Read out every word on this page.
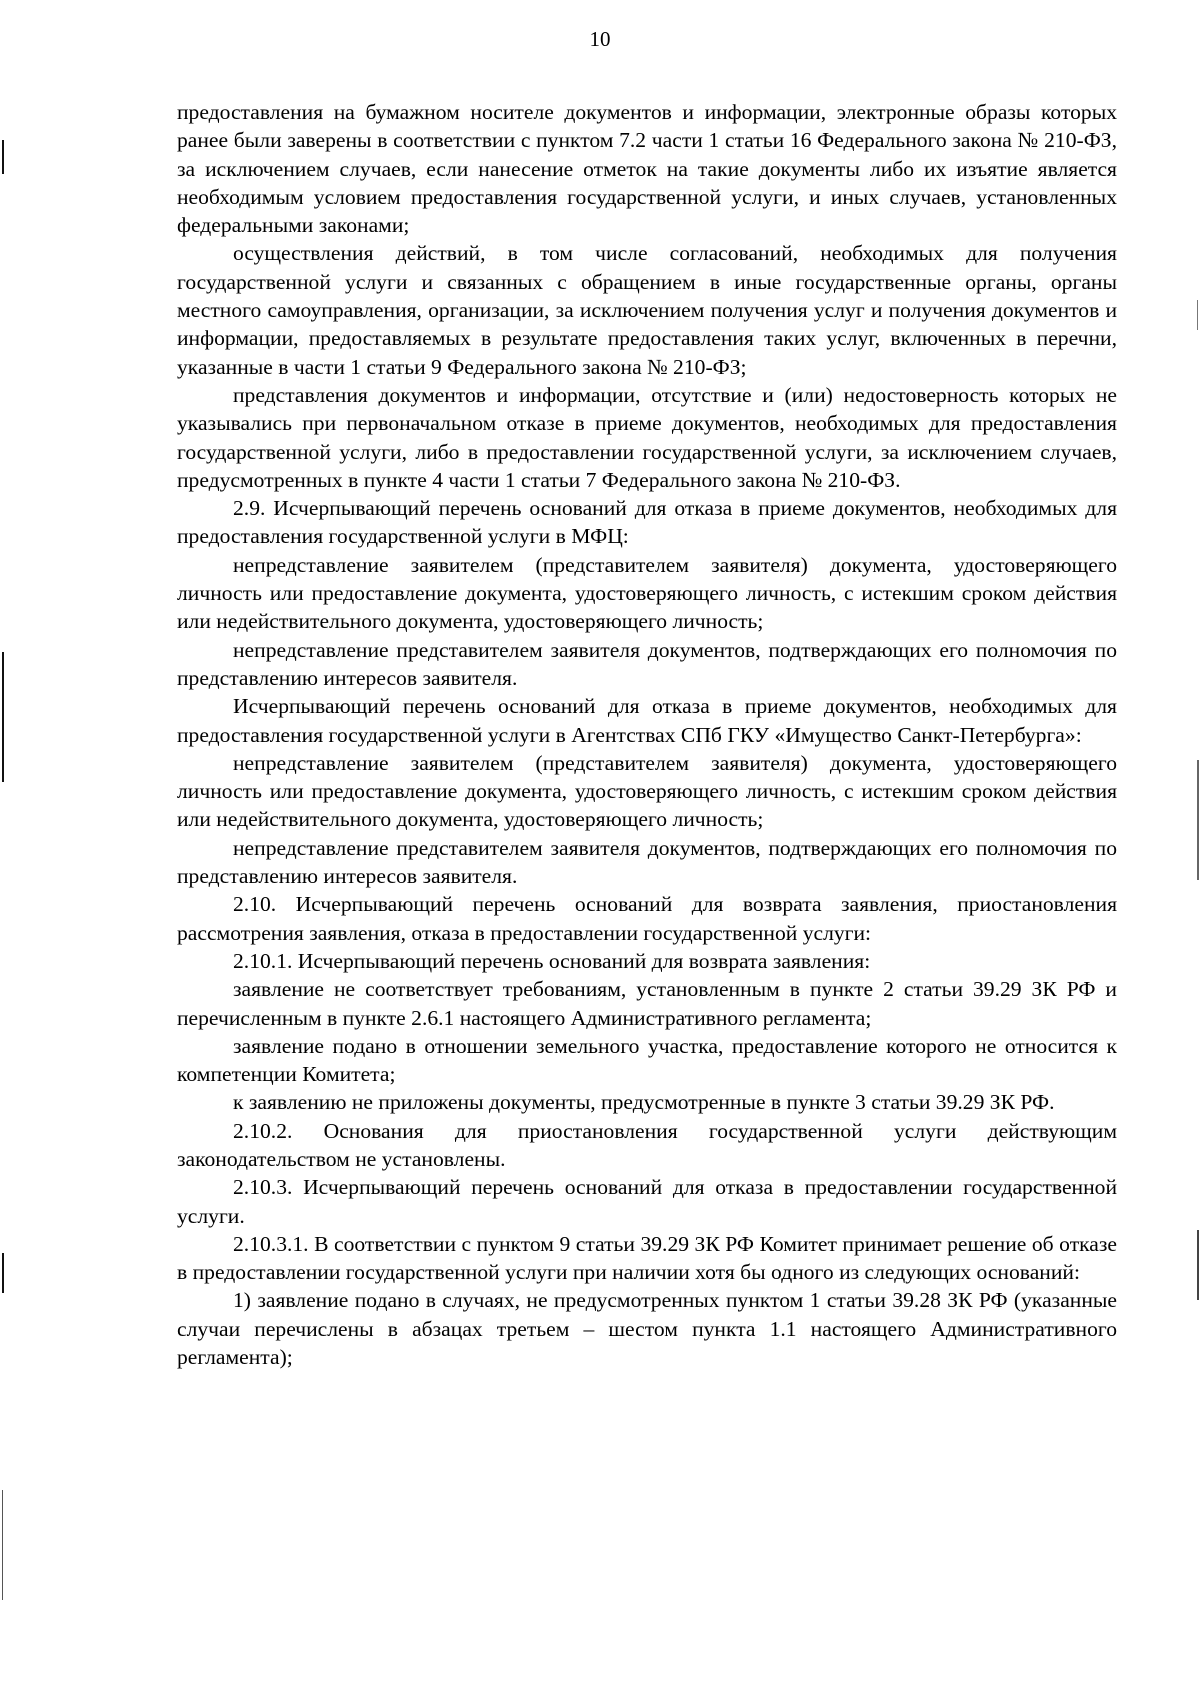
10

предоставления на бумажном носителе документов и информации, электронные образы которых ранее были заверены в соответствии с пунктом 7.2 части 1 статьи 16 Федерального закона № 210-ФЗ, за исключением случаев, если нанесение отметок на такие документы либо их изъятие является необходимым условием предоставления государственной услуги, и иных случаев, установленных федеральными законами;

осуществления действий, в том числе согласований, необходимых для получения государственной услуги и связанных с обращением в иные государственные органы, органы местного самоуправления, организации, за исключением получения услуг и получения документов и информации, предоставляемых в результате предоставления таких услуг, включенных в перечни, указанные в части 1 статьи 9 Федерального закона № 210-ФЗ;

представления документов и информации, отсутствие и (или) недостоверность которых не указывались при первоначальном отказе в приеме документов, необходимых для предоставления государственной услуги, либо в предоставлении государственной услуги, за исключением случаев, предусмотренных в пункте 4 части 1 статьи 7 Федерального закона № 210-ФЗ.

2.9. Исчерпывающий перечень оснований для отказа в приеме документов, необходимых для предоставления государственной услуги в МФЦ:

непредставление заявителем (представителем заявителя) документа, удостоверяющего личность или предоставление документа, удостоверяющего личность, с истекшим сроком действия или недействительного документа, удостоверяющего личность;

непредставление представителем заявителя документов, подтверждающих его полномочия по представлению интересов заявителя.

Исчерпывающий перечень оснований для отказа в приеме документов, необходимых для предоставления государственной услуги в Агентствах СПб ГКУ «Имущество Санкт-Петербурга»:

непредставление заявителем (представителем заявителя) документа, удостоверяющего личность или предоставление документа, удостоверяющего личность, с истекшим сроком действия или недействительного документа, удостоверяющего личность;

непредставление представителем заявителя документов, подтверждающих его полномочия по представлению интересов заявителя.

2.10. Исчерпывающий перечень оснований для возврата заявления, приостановления рассмотрения заявления, отказа в предоставлении государственной услуги:

2.10.1. Исчерпывающий перечень оснований для возврата заявления:

заявление не соответствует требованиям, установленным в пункте 2 статьи 39.29 ЗК РФ и перечисленным в пункте 2.6.1 настоящего Административного регламента;

заявление подано в отношении земельного участка, предоставление которого не относится к компетенции Комитета;

к заявлению не приложены документы, предусмотренные в пункте 3 статьи 39.29 ЗК РФ.

2.10.2. Основания для приостановления государственной услуги действующим законодательством не установлены.

2.10.3. Исчерпывающий перечень оснований для отказа в предоставлении государственной услуги.

2.10.3.1. В соответствии с пунктом 9 статьи 39.29 ЗК РФ Комитет принимает решение об отказе в предоставлении государственной услуги при наличии хотя бы одного из следующих оснований:

1) заявление подано в случаях, не предусмотренных пунктом 1 статьи 39.28 ЗК РФ (указанные случаи перечислены в абзацах третьем – шестом пункта 1.1 настоящего Административного регламента);
